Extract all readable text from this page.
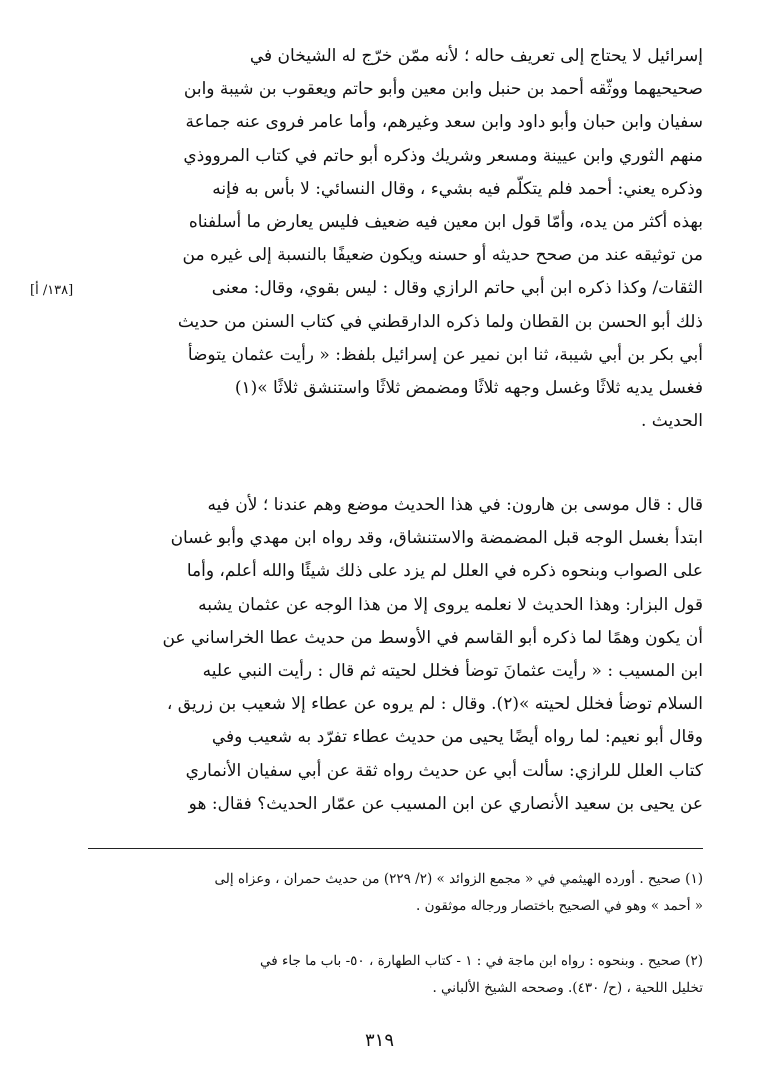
إسرائيل لا يحتاج إلى تعريف حاله ؛ لأنه ممّن خرّج له الشيخان في
صحيحيهما ووثّقه أحمد بن حنبل وابن معين وأبو حاتم ويعقوب بن شيبة وابن
سفيان وابن حبان وأبو داود وابن سعد وغيرهم، وأما عامر فروى عنه جماعة
منهم الثوري وابن عيينة ومسعر وشريك وذكره أبو حاتم في كتاب المرووذي
وذكره يعني: أحمد فلم يتكلّم فيه بشيء ، وقال النسائي: لا بأس به فإنه
بهذه أكثر من يده، وأمّا قول ابن معين فيه ضعيف فليس يعارض ما أسلفناه
من توثيقه عند من صحح حديثه أو حسنه ويكون ضعيفًا بالنسبة إلى غيره من
الثقات/ وكذا ذكره ابن أبي حاتم الرازي وقال : ليس بقوي، وقال: معنى
ذلك أبو الحسن بن القطان ولما ذكره الدارقطني في كتاب السنن من حديث
أبي بكر بن أبي شيبة، ثنا ابن نمير عن إسرائيل بلفظ: « رأيت عثمان يتوضأ
فغسل يديه ثلاثًا وغسل وجهه ثلاثًا ومضمض ثلاثًا واستنشق ثلاثًا »(١)
الحديث .
[١٣٨/ أ]
قال : قال موسى بن هارون: في هذا الحديث موضع وهم عندنا ؛ لأن فيه
ابتدأ بغسل الوجه قبل المضمضة والاستنشاق، وقد رواه ابن مهدي وأبو غسان
على الصواب وبنحوه ذكره في العلل لم يزد على ذلك شيئًا والله أعلم، وأما
قول البزار: وهذا الحديث لا نعلمه يروى إلا من هذا الوجه عن عثمان يشبه
أن يكون وهمًا لما ذكره أبو القاسم في الأوسط من حديث عطا الخراساني عن
ابن المسيب : « رأيت عثمانَ توضأ فخلل لحيته ثم قال : رأيت النبي عليه
السلام توضأ فخلل لحيته »(٢). وقال : لم يروه عن عطاء إلا شعيب بن زريق ،
وقال أبو نعيم: لما رواه أيضًا يحيى من حديث عطاء تفرّد به شعيب وفي
كتاب العلل للرازي: سألت أبي عن حديث رواه ثقة عن أبي سفيان الأنماري
عن يحيى بن سعيد الأنصاري عن ابن المسيب عن عمّار الحديث؟ فقال: هو
(١) صحيح . أورده الهيثمي في « مجمع الزوائد » (٢/ ٢٢٩) من حديث حمران ، وعزاه إلى
« أحمد » وهو في الصحيح باختصار ورجاله موثقون .
(٢) صحيح . وبنحوه : رواه ابن ماجة في : ١ - كتاب الطهارة ، ٥٠- باب ما جاء في
تخليل اللحية ، (ح/ ٤٣٠). وصححه الشيخ الألباني .
٣١٩
